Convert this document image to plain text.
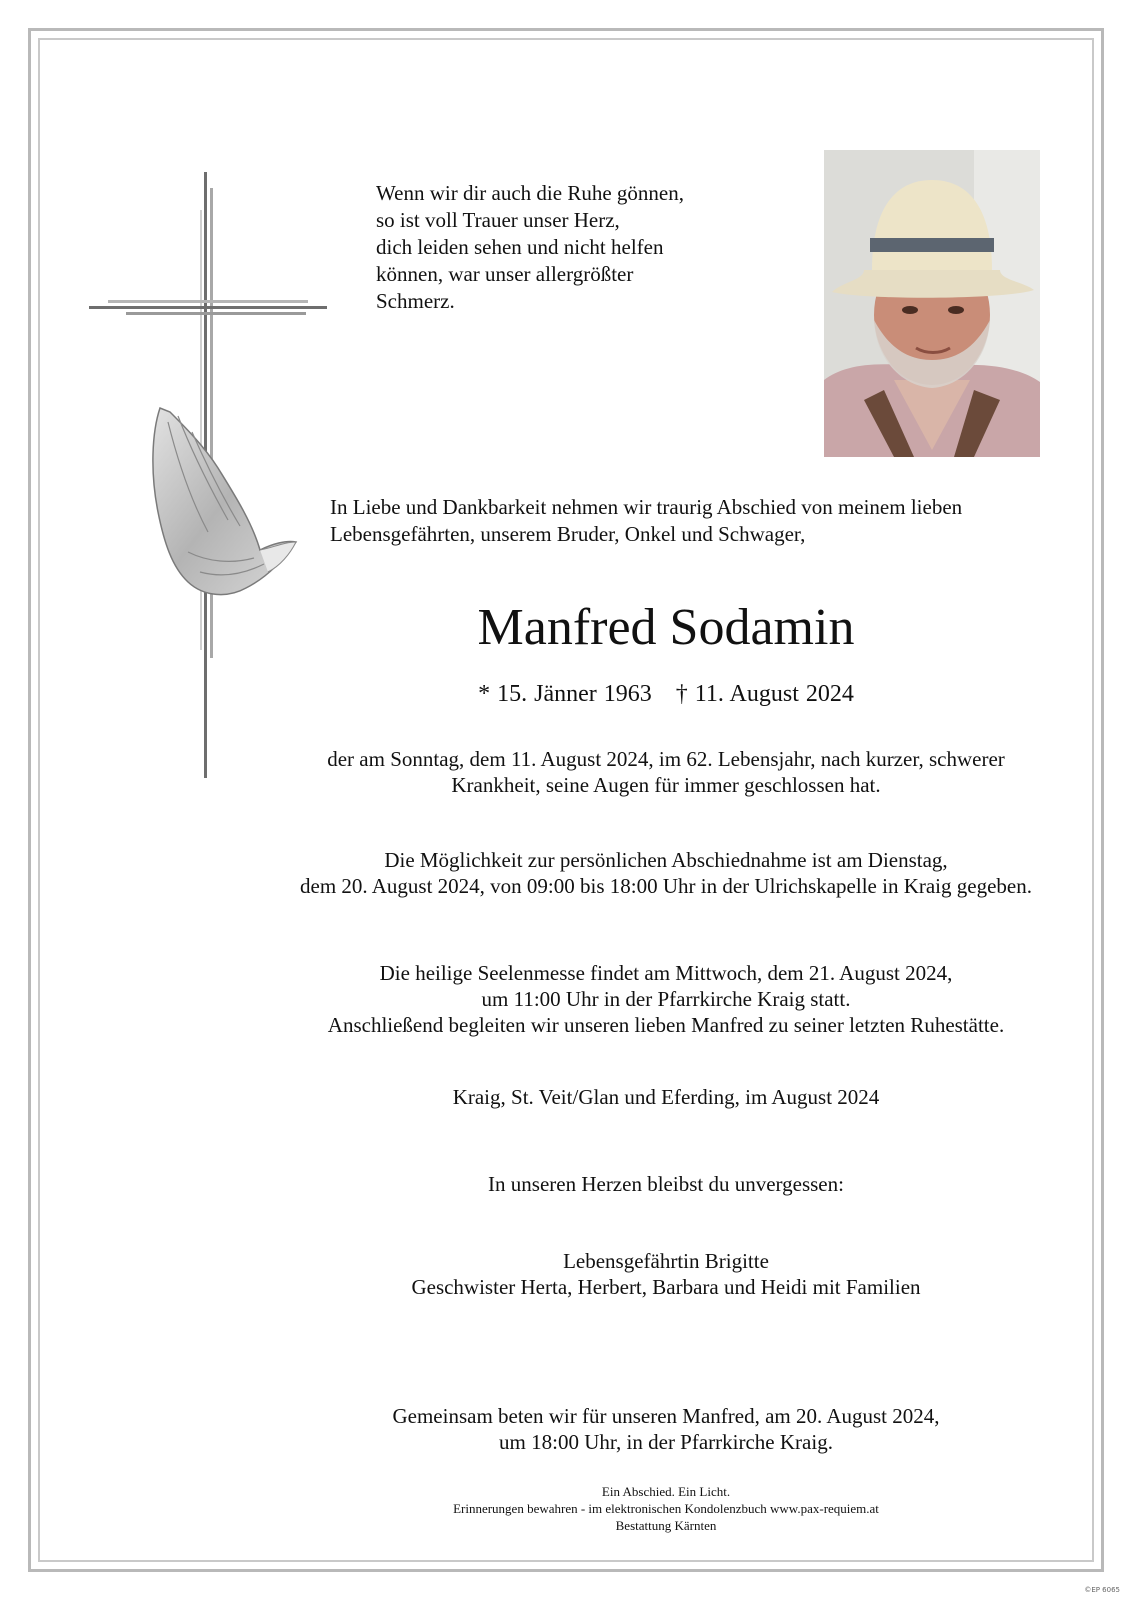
Wenn wir dir auch die Ruhe gönnen,
so ist voll Trauer unser Herz,
dich leiden sehen und nicht helfen
können, war unser allergrößter
Schmerz.
In Liebe und Dankbarkeit nehmen wir traurig Abschied von meinem lieben
Lebensgefährten, unserem Bruder, Onkel und Schwager,
Manfred Sodamin
* 15. Jänner 1963 † 11. August 2024
der am Sonntag, dem 11. August 2024, im 62. Lebensjahr, nach kurzer, schwerer
Krankheit, seine Augen für immer geschlossen hat.
Die Möglichkeit zur persönlichen Abschiednahme ist am Dienstag,
dem 20. August 2024, von 09:00 bis 18:00 Uhr in der Ulrichskapelle in Kraig gegeben.
Die heilige Seelenmesse findet am Mittwoch, dem 21. August 2024,
um 11:00 Uhr in der Pfarrkirche Kraig statt.
Anschließend begleiten wir unseren lieben Manfred zu seiner letzten Ruhestätte.
Kraig, St. Veit/Glan und Eferding, im August 2024
In unseren Herzen bleibst du unvergessen:
Lebensgefährtin Brigitte
Geschwister Herta, Herbert, Barbara und Heidi mit Familien
Gemeinsam beten wir für unseren Manfred, am 20. August 2024,
um 18:00 Uhr, in der Pfarrkirche Kraig.
Ein Abschied. Ein Licht.
Erinnerungen bewahren - im elektronischen Kondolenzbuch www.pax-requiem.at
Bestattung Kärnten
©EP 6065
